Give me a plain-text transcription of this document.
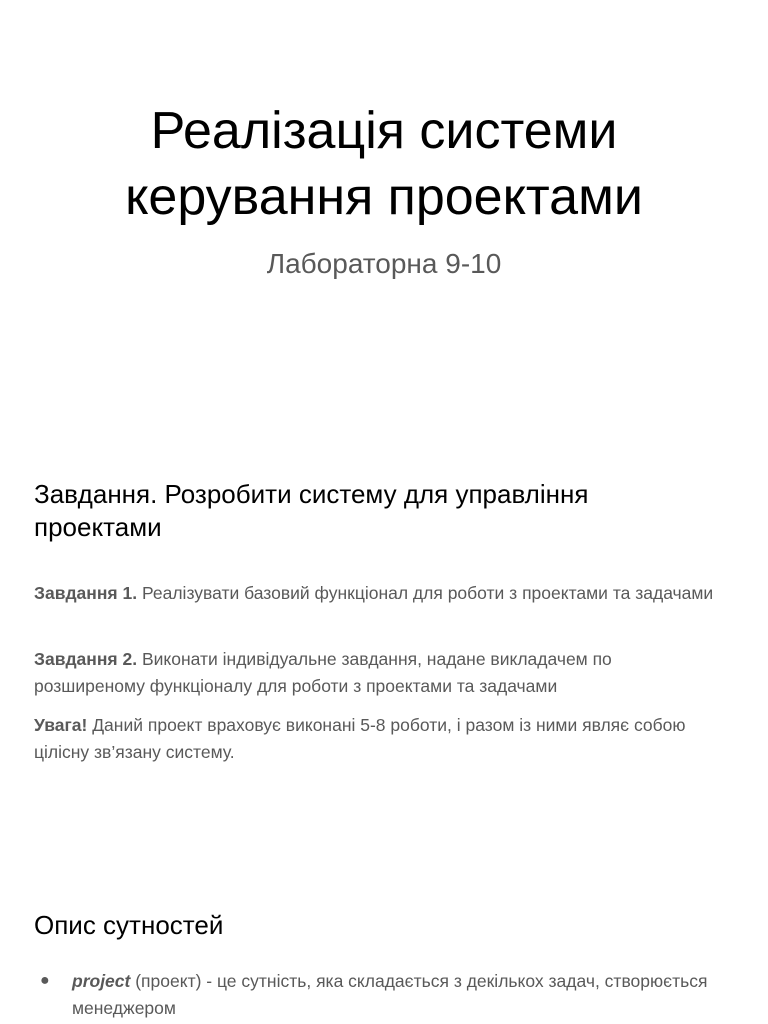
Реалізація системи
керування проектами

Лабораторна 9-10

Завдання. Розробити систему для управління
проектами

Завдання 1. Реалізувати базовий функціонал для роботи з проектами та задачами

Завдання 2. Виконати індивідуальне завдання, надане викладачем по розширеному функціоналу для роботи з проектами та задачами

Увага! Даний проект враховує виконані 5-8 роботи, і разом із ними являє собою цілісну зв’язану систему.

Опис сутностей
● project (проект) - це сутність, яка складається з декількох задач, створюється менеджером
